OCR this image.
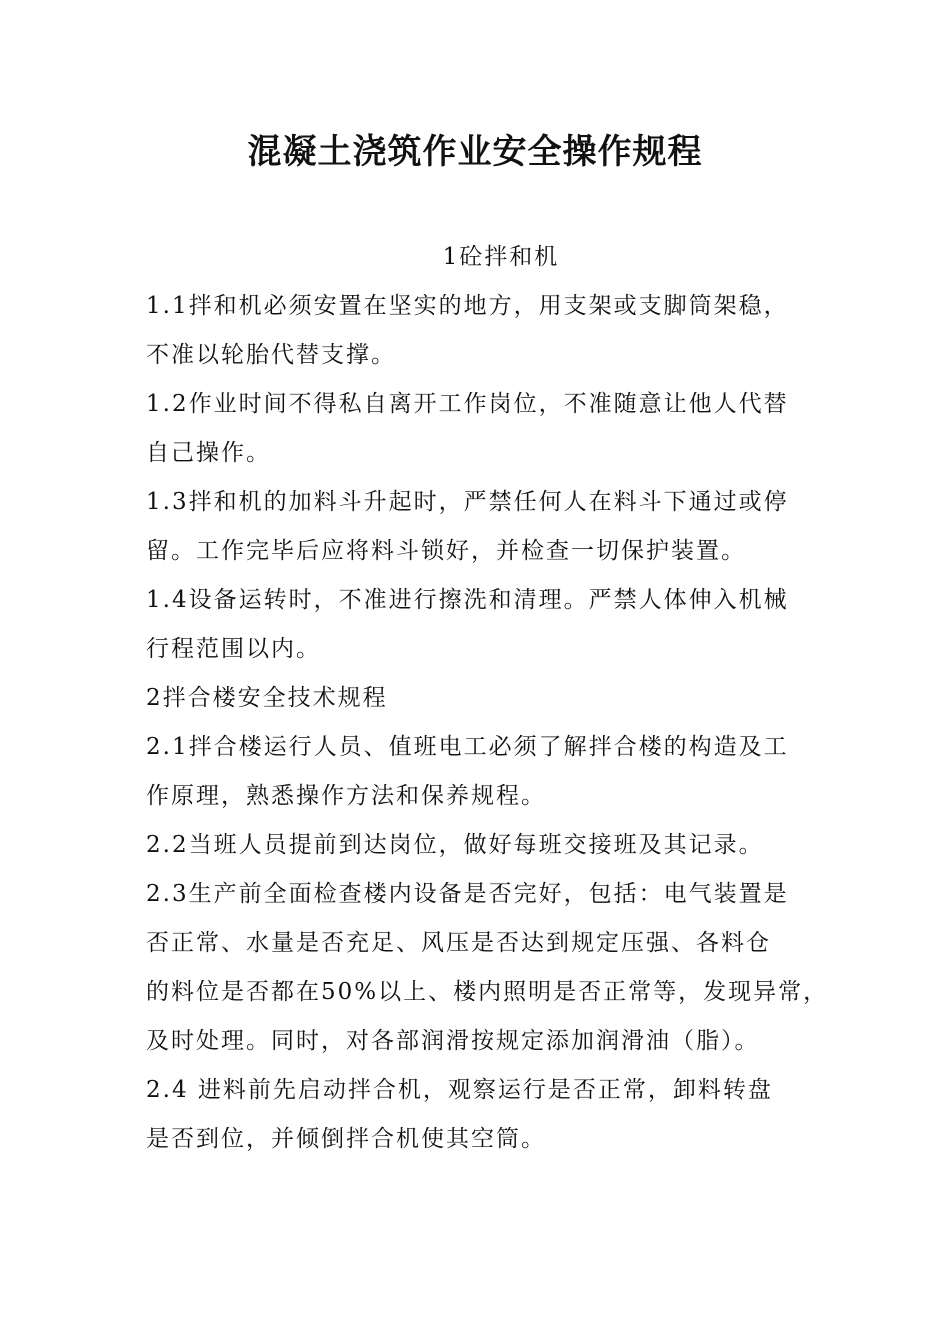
混凝土浇筑作业安全操作规程
1砼拌和机
1.1拌和机必须安置在坚实的地方，用支架或支脚筒架稳，
不准以轮胎代替支撑。
1.2作业时间不得私自离开工作岗位，不准随意让他人代替
自己操作。
1.3拌和机的加料斗升起时，严禁任何人在料斗下通过或停
留。工作完毕后应将料斗锁好，并检查一切保护装置。
1.4设备运转时，不准进行擦洗和清理。严禁人体伸入机械
行程范围以内。
2拌合楼安全技术规程
2.1拌合楼运行人员、值班电工必须了解拌合楼的构造及工
作原理，熟悉操作方法和保养规程。
2.2当班人员提前到达岗位，做好每班交接班及其记录。
2.3生产前全面检查楼内设备是否完好，包括：电气装置是
否正常、水量是否充足、风压是否达到规定压强、各料仓
的料位是否都在50%以上、楼内照明是否正常等，发现异常，
及时处理。同时，对各部润滑按规定添加润滑油（脂）。
2.4 进料前先启动拌合机，观察运行是否正常，卸料转盘
是否到位，并倾倒拌合机使其空筒。
